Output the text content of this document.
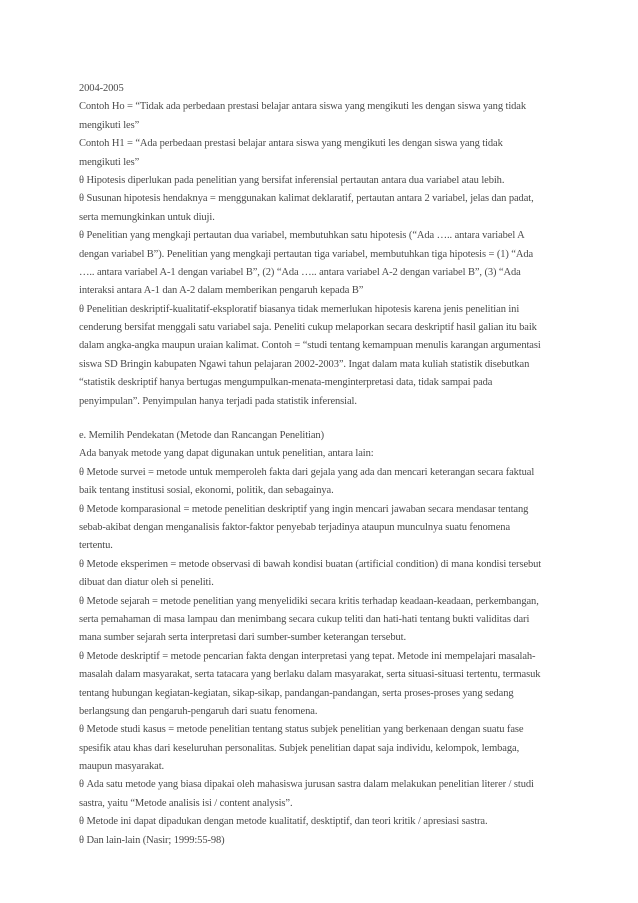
2004-2005
Contoh Ho = “Tidak ada perbedaan prestasi belajar antara siswa yang mengikuti les dengan siswa yang tidak
mengikuti les”
Contoh H1 = “Ada perbedaan prestasi belajar antara siswa yang mengikuti les dengan siswa yang tidak
mengikuti les”
θ Hipotesis diperlukan pada penelitian yang bersifat inferensial pertautan antara dua variabel atau lebih.
θ Susunan hipotesis hendaknya = menggunakan kalimat deklaratif, pertautan antara 2 variabel, jelas dan padat,
serta memungkinkan untuk diuji.
θ Penelitian yang mengkaji pertautan dua variabel, membutuhkan satu hipotesis (“Ada ….. antara variabel A
dengan variabel B”). Penelitian yang mengkaji pertautan tiga variabel, membutuhkan tiga hipotesis = (1) “Ada
….. antara variabel A-1 dengan variabel B”, (2) “Ada ….. antara variabel A-2 dengan variabel B”, (3) “Ada
interaksi antara A-1 dan A-2 dalam memberikan pengaruh kepada B”
θ Penelitian deskriptif-kualitatif-eksploratif biasanya tidak memerlukan hipotesis karena jenis penelitian ini
cenderung bersifat menggali satu variabel saja. Peneliti cukup melaporkan secara deskriptif hasil galian itu baik
dalam angka-angka maupun uraian kalimat. Contoh = “studi tentang kemampuan menulis karangan argumentasi
siswa SD Bringin kabupaten Ngawi tahun pelajaran 2002-2003”. Ingat dalam mata kuliah statistik disebutkan
“statistik deskriptif hanya bertugas mengumpulkan-menata-menginterpretasi data, tidak sampai pada
penyimpulan”. Penyimpulan hanya terjadi pada statistik inferensial.
e. Memilih Pendekatan (Metode dan Rancangan Penelitian)
Ada banyak metode yang dapat digunakan untuk penelitian, antara lain:
θ Metode survei = metode untuk memperoleh fakta dari gejala yang ada dan mencari keterangan secara faktual
baik tentang institusi sosial, ekonomi, politik, dan sebagainya.
θ Metode komparasional = metode penelitian deskriptif yang ingin mencari jawaban secara mendasar tentang
sebab-akibat dengan menganalisis faktor-faktor penyebab terjadinya ataupun munculnya suatu fenomena
tertentu.
θ Metode eksperimen = metode observasi di bawah kondisi buatan (artificial condition) di mana kondisi tersebut
dibuat dan diatur oleh si peneliti.
θ Metode sejarah = metode penelitian yang menyelidiki secara kritis terhadap keadaan-keadaan, perkembangan,
serta pemahaman di masa lampau dan menimbang secara cukup teliti dan hati-hati tentang bukti validitas dari
mana sumber sejarah serta interpretasi dari sumber-sumber keterangan tersebut.
θ Metode deskriptif = metode pencarian fakta dengan interpretasi yang tepat. Metode ini mempelajari masalah-
masalah dalam masyarakat, serta tatacara yang berlaku dalam masyarakat, serta situasi-situasi tertentu, termasuk
tentang hubungan kegiatan-kegiatan, sikap-sikap, pandangan-pandangan, serta proses-proses yang sedang
berlangsung dan pengaruh-pengaruh dari suatu fenomena.
θ Metode studi kasus = metode penelitian tentang status subjek penelitian yang berkenaan dengan suatu fase
spesifik atau khas dari keseluruhan personalitas. Subjek penelitian dapat saja individu, kelompok, lembaga,
maupun masyarakat.
θ Ada satu metode yang biasa dipakai oleh mahasiswa jurusan sastra dalam melakukan penelitian literer / studi
sastra, yaitu “Metode analisis isi / content analysis”.
θ Metode ini dapat dipadukan dengan metode kualitatif, desktiptif, dan teori kritik / apresiasi sastra.
θ Dan lain-lain (Nasir; 1999:55-98)
